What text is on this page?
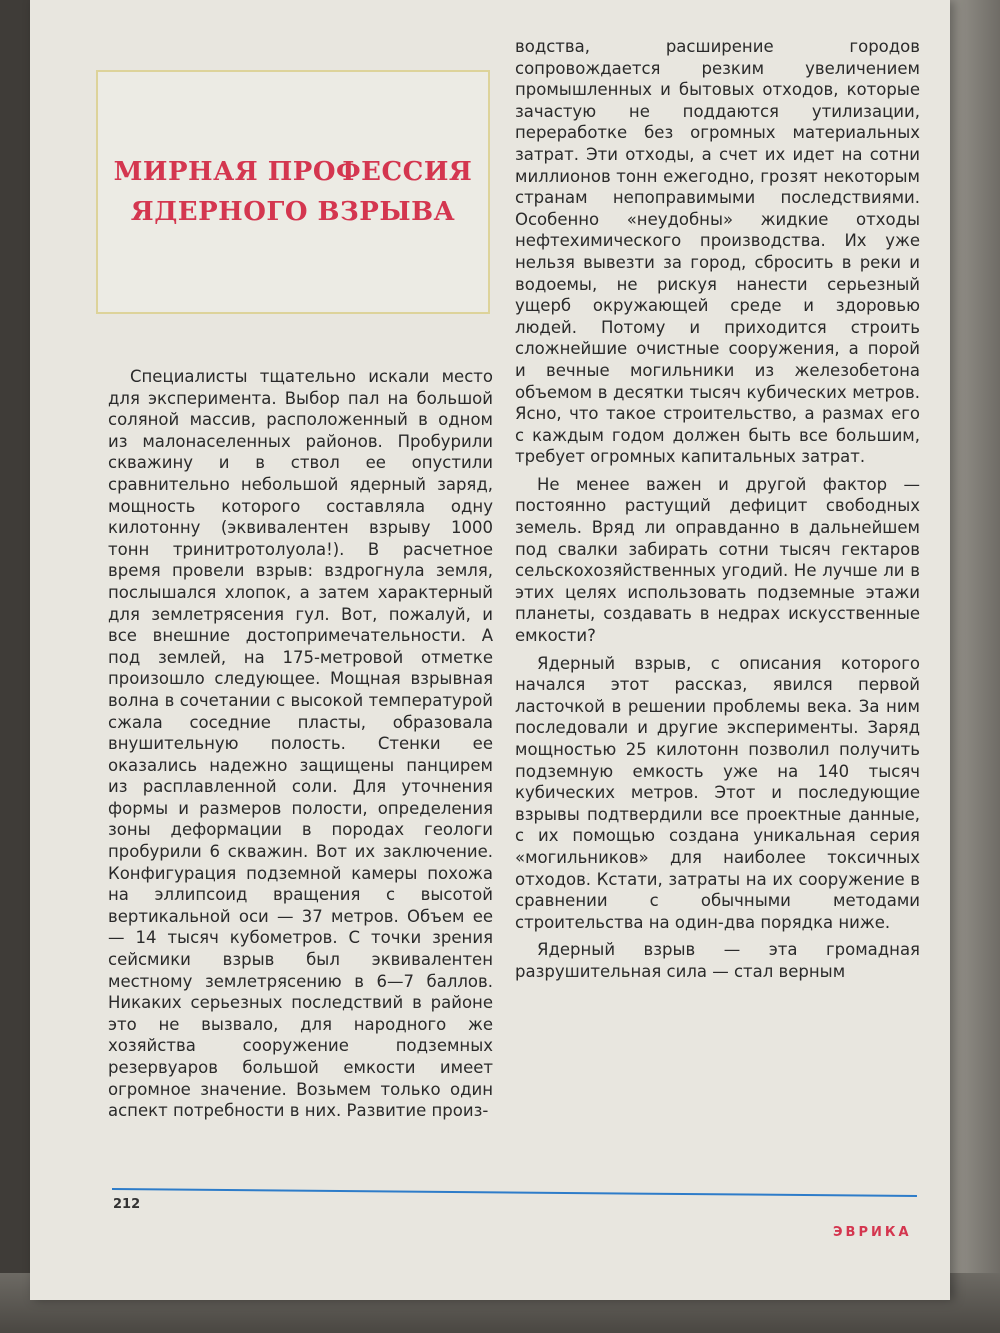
МИРНАЯ ПРОФЕССИЯ
ЯДЕРНОГО ВЗРЫВА

Специалисты тщательно искали место для эксперимента. Выбор пал на большой соляной массив, расположенный в одном из малонаселенных районов. Пробурили скважину и в ствол ее опустили сравнительно небольшой ядерный заряд, мощность которого составляла одну килотонну (эквивалентен взрыву 1000 тонн тринитротолуола!). В расчетное время провели взрыв: вздрогнула земля, послышался хлопок, а затем характерный для землетрясения гул. Вот, пожалуй, и все внешние достопримечательности. А под землей, на 175-метровой отметке произошло следующее. Мощная взрывная волна в сочетании с высокой температурой сжала соседние пласты, образовала внушительную полость. Стенки ее оказались надежно защищены панцирем из расплавленной соли. Для уточнения формы и размеров полости, определения зоны деформации в породах геологи пробурили 6 скважин. Вот их заключение. Конфигурация подземной камеры похожа на эллипсоид вращения с высотой вертикальной оси — 37 метров. Объем ее — 14 тысяч кубометров. С точки зрения сейсмики взрыв был эквивалентен местному землетрясению в 6—7 баллов. Никаких серьезных последствий в районе это не вызвало, для народного же хозяйства сооружение подземных резервуаров большой емкости имеет огромное значение. Возьмем только один аспект потребности в них. Развитие произ-

водства, расширение городов сопровождается резким увеличением промышленных и бытовых отходов, которые зачастую не поддаются утилизации, переработке без огромных материальных затрат. Эти отходы, а счет их идет на сотни миллионов тонн ежегодно, грозят некоторым странам непоправимыми последствиями. Особенно «неудобны» жидкие отходы нефтехимического производства. Их уже нельзя вывезти за город, сбросить в реки и водоемы, не рискуя нанести серьезный ущерб окружающей среде и здоровью людей. Потому и приходится строить сложнейшие очистные сооружения, а порой и вечные могильники из железобетона объемом в десятки тысяч кубических метров. Ясно, что такое строительство, а размах его с каждым годом должен быть все большим, требует огромных капитальных затрат.

Не менее важен и другой фактор — постоянно растущий дефицит свободных земель. Вряд ли оправданно в дальнейшем под свалки забирать сотни тысяч гектаров сельскохозяйственных угодий. Не лучше ли в этих целях использовать подземные этажи планеты, создавать в недрах искусственные емкости?

Ядерный взрыв, с описания которого начался этот рассказ, явился первой ласточкой в решении проблемы века. За ним последовали и другие эксперименты. Заряд мощностью 25 килотонн позволил получить подземную емкость уже на 140 тысяч кубических метров. Этот и последующие взрывы подтвердили все проектные данные, с их помощью создана уникальная серия «могильников» для наиболее токсичных отходов. Кстати, затраты на их сооружение в сравнении с обычными методами строительства на один-два порядка ниже.

Ядерный взрыв — эта громадная разрушительная сила — стал верным

212
ЭВРИКА
